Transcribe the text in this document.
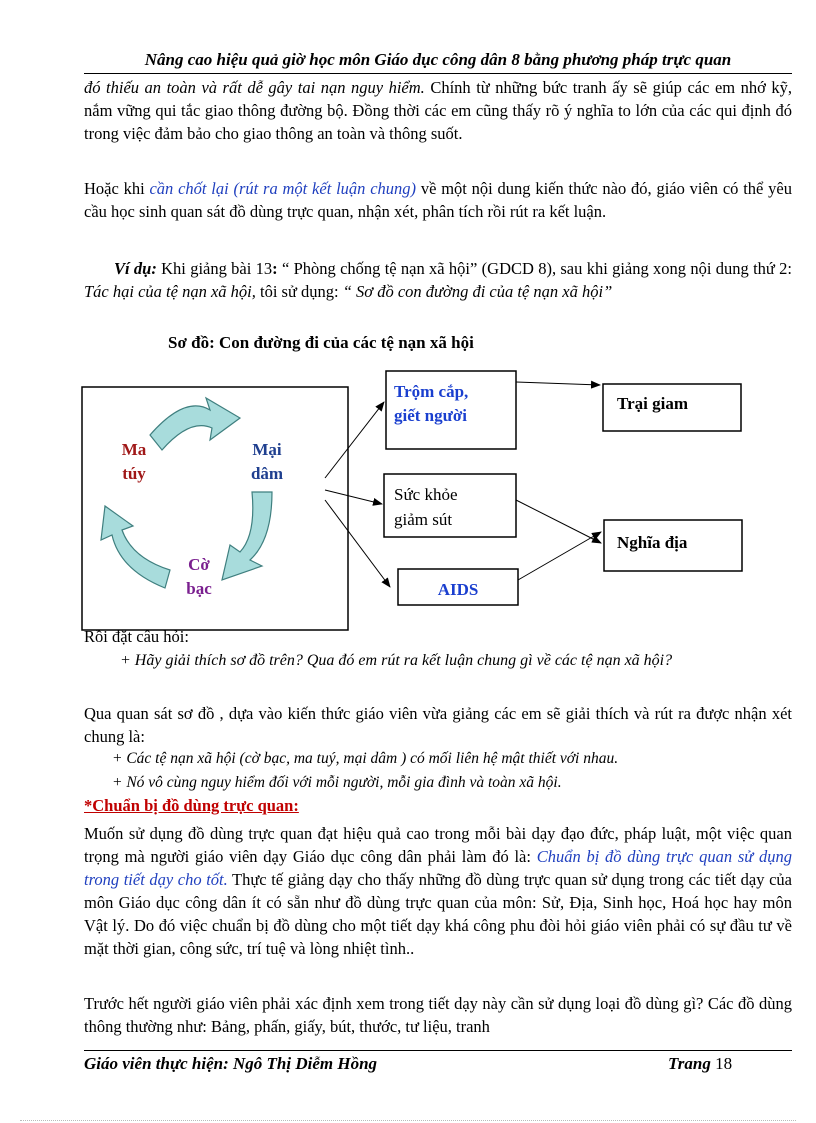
Nâng cao hiệu quả giờ học môn Giáo dục công dân 8 bằng phương pháp trực quan
đó thiếu an toàn và rất dễ gây tai nạn nguy hiểm. Chính từ những bức tranh ấy sẽ giúp các em nhớ kỹ, nắm vững qui tắc giao thông đường bộ. Đồng thời các em cũng thấy rõ ý nghĩa to lớn của các qui định đó trong việc đảm bảo cho giao thông an toàn và thông suốt.
Hoặc khi cần chốt lại (rút ra một kết luận chung) về một nội dung kiến thức nào đó, giáo viên có thể yêu cầu học sinh quan sát đồ dùng trực quan, nhận xét, phân tích rồi rút ra kết luận.
Ví dụ: Khi giảng bài 13: “ Phòng chống tệ nạn xã hội” (GDCD 8), sau khi giảng xong nội dung thứ 2: Tác hại của tệ nạn xã hội, tôi sử dụng: “ Sơ đồ con đường đi của tệ nạn xã hội”
Sơ đồ: Con đường đi của các tệ nạn xã hội
Ma
túy
Mại
dâm
Cờ
bạc
Trộm cắp,
giết người
Sức khỏe
giảm sút
AIDS
Trại giam
Nghĩa địa
Rồi đặt câu hỏi:
+ Hãy giải thích sơ đồ trên? Qua đó em rút ra kết luận chung gì về các tệ nạn xã hội?
Qua quan sát sơ đồ , dựa vào kiến thức giáo viên vừa giảng các em sẽ giải thích và rút ra được nhận xét chung là:
+ Các tệ nạn xã hội (cờ bạc, ma tuý, mại dâm ) có mối liên hệ mật thiết với nhau.
+ Nó vô cùng nguy hiểm đối với mỗi người, mỗi gia đình và toàn xã hội.
*Chuẩn bị đồ dùng trực quan:
Muốn sử dụng đồ dùng trực quan đạt hiệu quả cao trong mỗi bài dạy đạo đức, pháp luật, một việc quan trọng mà người giáo viên dạy Giáo dục công dân phải làm đó là: Chuẩn bị đồ dùng trực quan sử dụng trong tiết dạy cho tốt. Thực tế giảng dạy cho thấy những đồ dùng trực quan sử dụng trong các tiết dạy của môn Giáo dục công dân ít có sẵn như đồ dùng trực quan của môn: Sử, Địa, Sinh học, Hoá học hay môn Vật lý. Do đó việc chuẩn bị đồ dùng cho một tiết dạy khá công phu đòi hỏi giáo viên phải có sự đầu tư về mặt thời gian, công sức, trí tuệ và lòng nhiệt tình..
Trước hết người giáo viên phải xác định xem trong tiết dạy này cần sử dụng loại đồ dùng gì? Các đồ dùng thông thường như: Bảng, phấn, giấy, bút, thước, tư liệu, tranh
Giáo viên thực hiện: Ngô Thị Diễm Hồng	Trang 18
